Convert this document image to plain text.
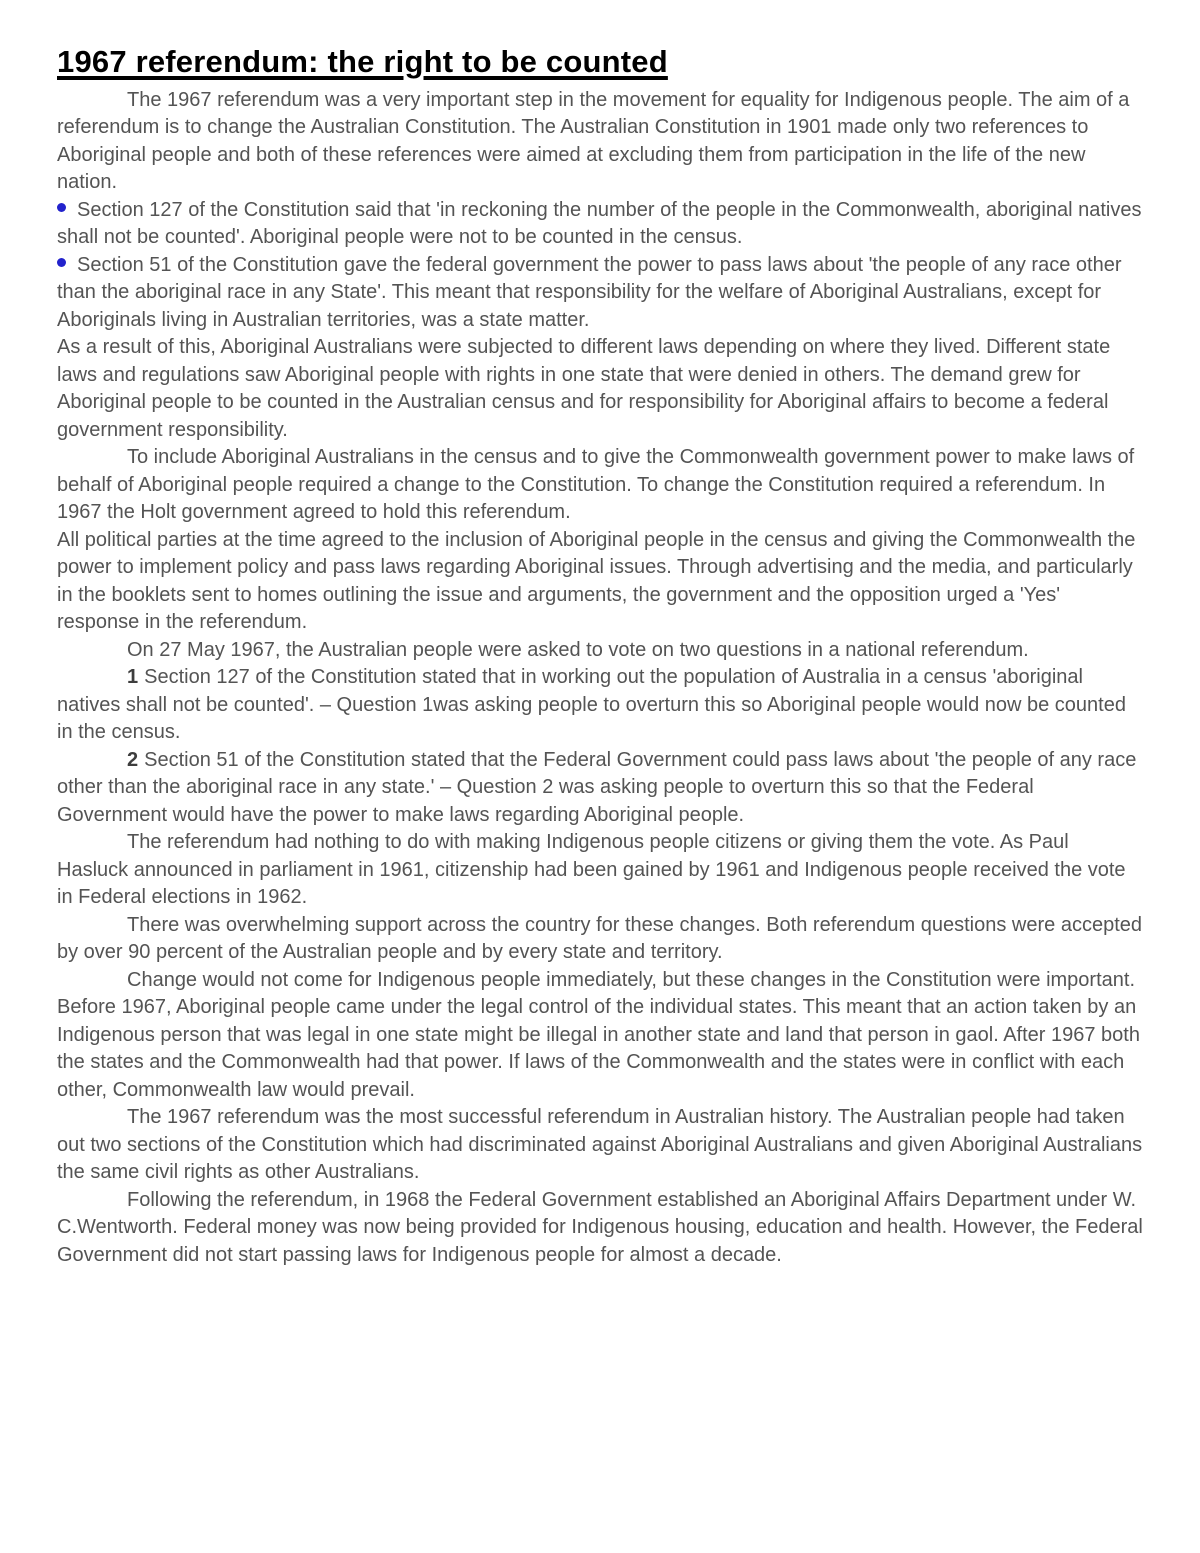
1967 referendum: the right to be counted

The 1967 referendum was a very important step in the movement for equality for Indigenous people. The aim of a referendum is to change the Australian Constitution. The Australian Constitution in 1901 made only two references to Aboriginal people and both of these references were aimed at excluding them from participation in the life of the new nation.

Section 127 of the Constitution said that 'in reckoning the number of the people in the Commonwealth, aboriginal natives shall not be counted'. Aboriginal people were not to be counted in the census.

Section 51 of the Constitution gave the federal government the power to pass laws about 'the people of any race other than the aboriginal race in any State'. This meant that responsibility for the welfare of Aboriginal Australians, except for Aboriginals living in Australian territories, was a state matter.

As a result of this, Aboriginal Australians were subjected to different laws depending on where they lived. Different state laws and regulations saw Aboriginal people with rights in one state that were denied in others. The demand grew for Aboriginal people to be counted in the Australian census and for responsibility for Aboriginal affairs to become a federal government responsibility.

To include Aboriginal Australians in the census and to give the Commonwealth government power to make laws of behalf of Aboriginal people required a change to the Constitution. To change the Constitution required a referendum. In 1967 the Holt government agreed to hold this referendum.

All political parties at the time agreed to the inclusion of Aboriginal people in the census and giving the Commonwealth the power to implement policy and pass laws regarding Aboriginal issues. Through advertising and the media, and particularly in the booklets sent to homes outlining the issue and arguments, the government and the opposition urged a 'Yes' response in the referendum.

On 27 May 1967, the Australian people were asked to vote on two questions in a national referendum.

1 Section 127 of the Constitution stated that in working out the population of Australia in a census 'aboriginal natives shall not be counted'. – Question 1was asking people to overturn this so Aboriginal people would now be counted in the census.

2 Section 51 of the Constitution stated that the Federal Government could pass laws about 'the people of any race other than the aboriginal race in any state.' – Question 2 was asking people to overturn this so that the Federal Government would have the power to make laws regarding Aboriginal people.

The referendum had nothing to do with making Indigenous people citizens or giving them the vote. As Paul Hasluck announced in parliament in 1961, citizenship had been gained by 1961 and Indigenous people received the vote in Federal elections in 1962.

There was overwhelming support across the country for these changes. Both referendum questions were accepted by over 90 percent of the Australian people and by every state and territory.

Change would not come for Indigenous people immediately, but these changes in the Constitution were important. Before 1967, Aboriginal people came under the legal control of the individual states. This meant that an action taken by an Indigenous person that was legal in one state might be illegal in another state and land that person in gaol. After 1967 both the states and the Commonwealth had that power. If laws of the Commonwealth and the states were in conflict with each other, Commonwealth law would prevail.

The 1967 referendum was the most successful referendum in Australian history. The Australian people had taken out two sections of the Constitution which had discriminated against Aboriginal Australians and given Aboriginal Australians the same civil rights as other Australians.

Following the referendum, in 1968 the Federal Government established an Aboriginal Affairs Department under W. C.Wentworth. Federal money was now being provided for Indigenous housing, education and health. However, the Federal Government did not start passing laws for Indigenous people for almost a decade.
